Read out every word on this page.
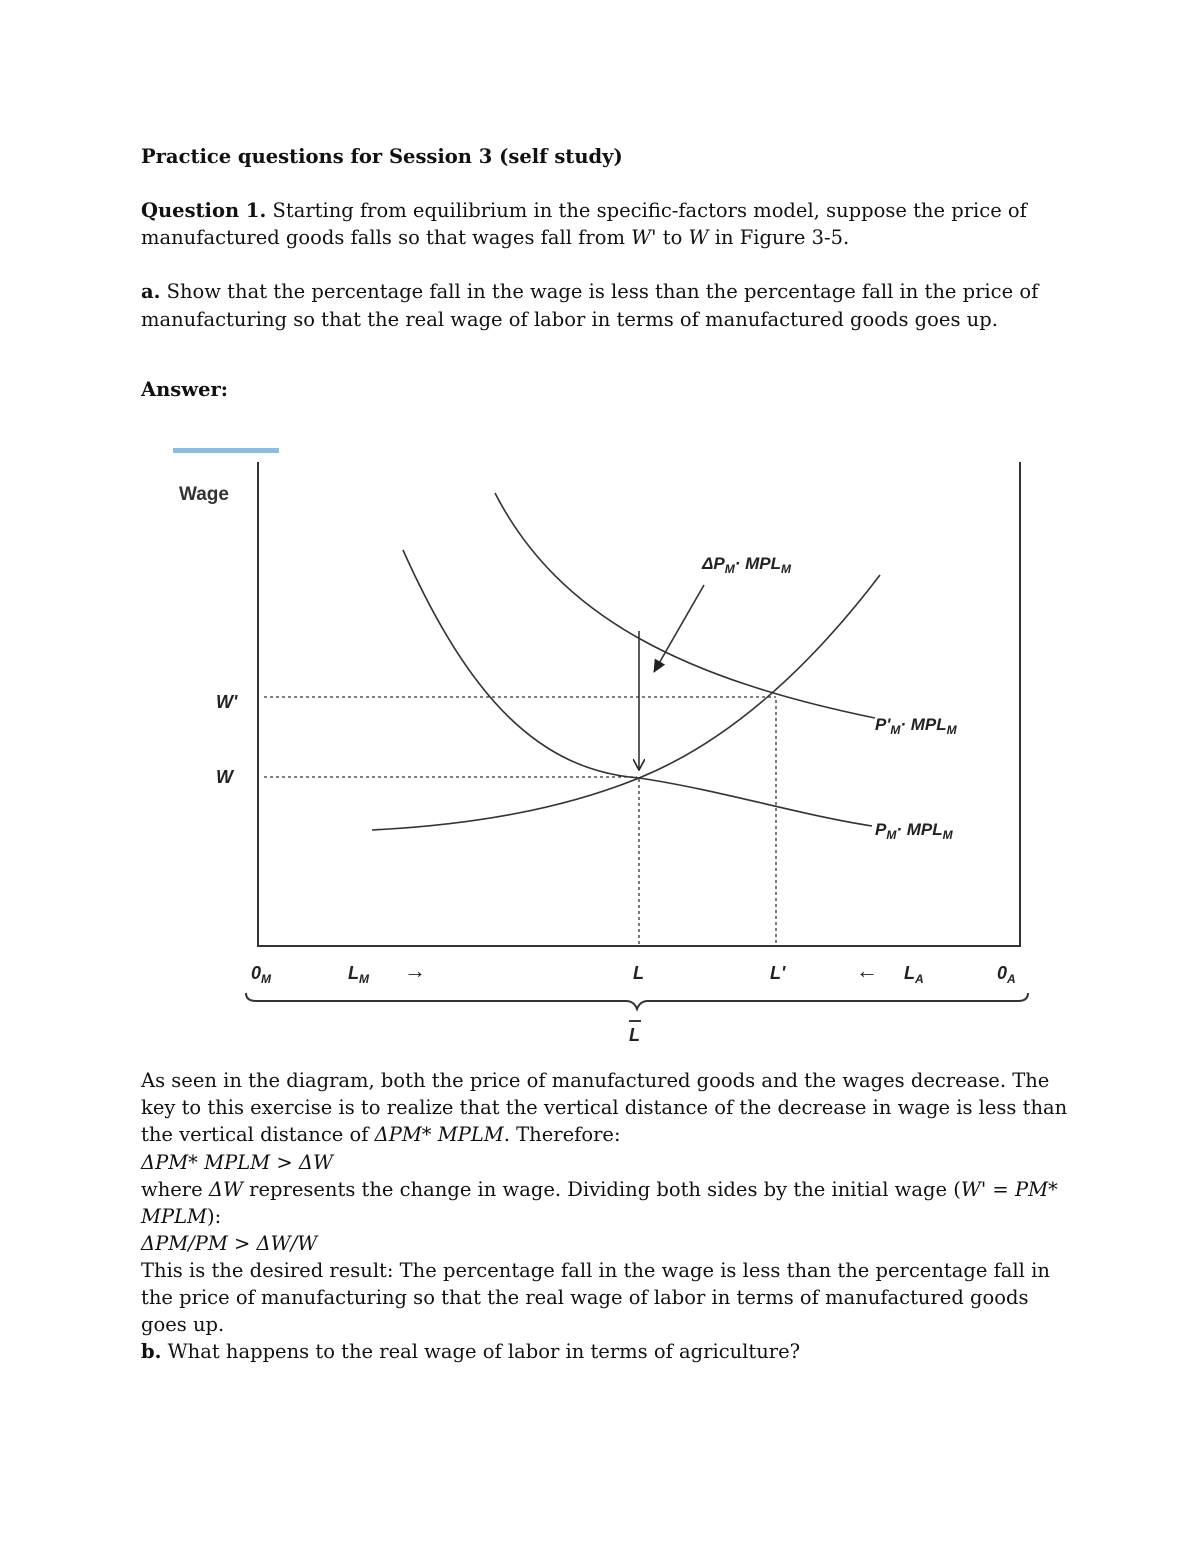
Practice questions for Session 3 (self study)
Question 1. Starting from equilibrium in the specific-factors model, suppose the price of
manufactured goods falls so that wages fall from W' to W in Figure 3-5.
a. Show that the percentage fall in the wage is less than the percentage fall in the price of
manufacturing so that the real wage of labor in terms of manufactured goods goes up.
Answer:
Wage
W'
W
$\Delta P_M\cdot MPL_M$
$P'_M\cdot MPL_M$
$P_M\cdot MPL_M$
$0_M$	$L_M$ →	L	L'	← $L_A$	$0_A$
L
As seen in the diagram, both the price of manufactured goods and the wages decrease. The key to this exercise is to realize that the vertical distance of the decrease in wage is less than the vertical distance of ΔPM* MPLM. Therefore:
ΔPM* MPLM > ΔW
where ΔW represents the change in wage. Dividing both sides by the initial wage (W' = PM* MPLM):
ΔPM/PM > ΔW/W
This is the desired result: The percentage fall in the wage is less than the percentage fall in the price of manufacturing so that the real wage of labor in terms of manufactured goods goes up.
b. What happens to the real wage of labor in terms of agriculture?
